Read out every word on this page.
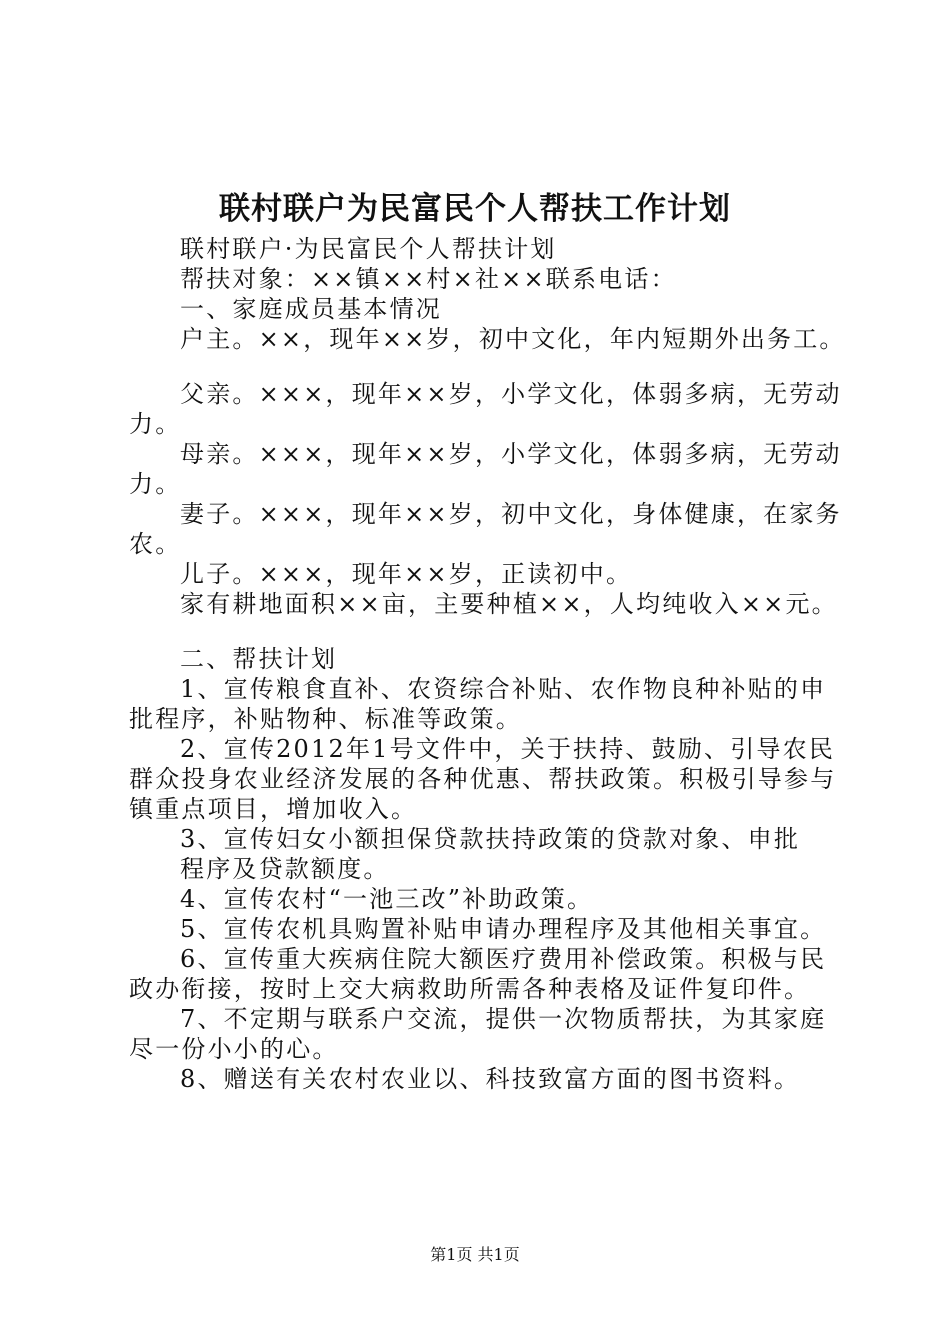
联村联户为民富民个人帮扶工作计划

联村联户·为民富民个人帮扶计划

帮扶对象：××镇××村×社××联系电话：

一、家庭成员基本情况

户主。××，现年××岁，初中文化，年内短期外出务工。

父亲。×××，现年××岁，小学文化，体弱多病，无劳动力。

母亲。×××，现年××岁，小学文化，体弱多病，无劳动力。

妻子。×××，现年××岁，初中文化，身体健康，在家务农。

儿子。×××，现年××岁，正读初中。

家有耕地面积××亩，主要种植××，人均纯收入××元。

二、帮扶计划

1、宣传粮食直补、农资综合补贴、农作物良种补贴的申批程序，补贴物种、标准等政策。

2、宣传2012年1号文件中，关于扶持、鼓励、引导农民群众投身农业经济发展的各种优惠、帮扶政策。积极引导参与镇重点项目，增加收入。

3、宣传妇女小额担保贷款扶持政策的贷款对象、申批

程序及贷款额度。

4、宣传农村“一池三改”补助政策。

5、宣传农机具购置补贴申请办理程序及其他相关事宜。

6、宣传重大疾病住院大额医疗费用补偿政策。积极与民政办衔接，按时上交大病救助所需各种表格及证件复印件。

7、不定期与联系户交流，提供一次物质帮扶，为其家庭尽一份小小的心。

8、赠送有关农村农业以、科技致富方面的图书资料。

第1页 共1页
